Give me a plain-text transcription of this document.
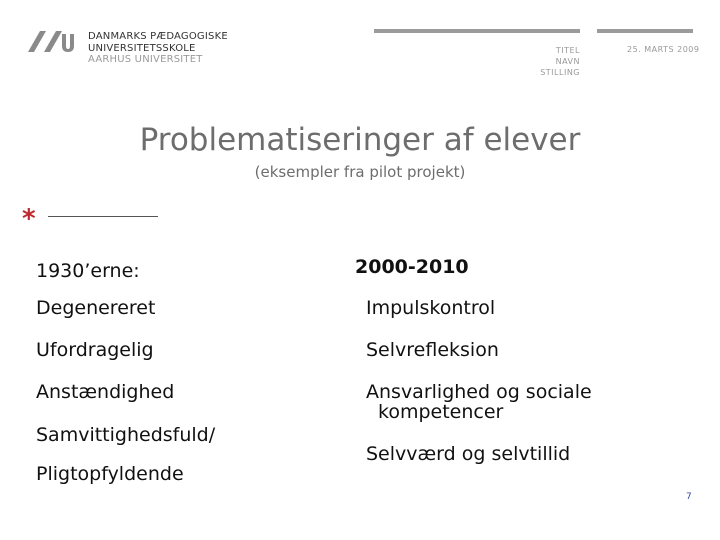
DANMARKS PÆDAGOGISKE
UNIVERSITETSSKOLE
AARHUS UNIVERSITET
TITEL
NAVN
STILLING
25. MARTS 2009
Problematiseringer af elever
(eksempler fra pilot projekt)
*
1930’erne:
Degenereret
Ufordragelig
Anstændighed
Samvittighedsfuld/
Pligtopfyldende
2000-2010
Impulskontrol
Selvrefleksion
Ansvarlighed og sociale
kompetencer
Selvværd og selvtillid
7
